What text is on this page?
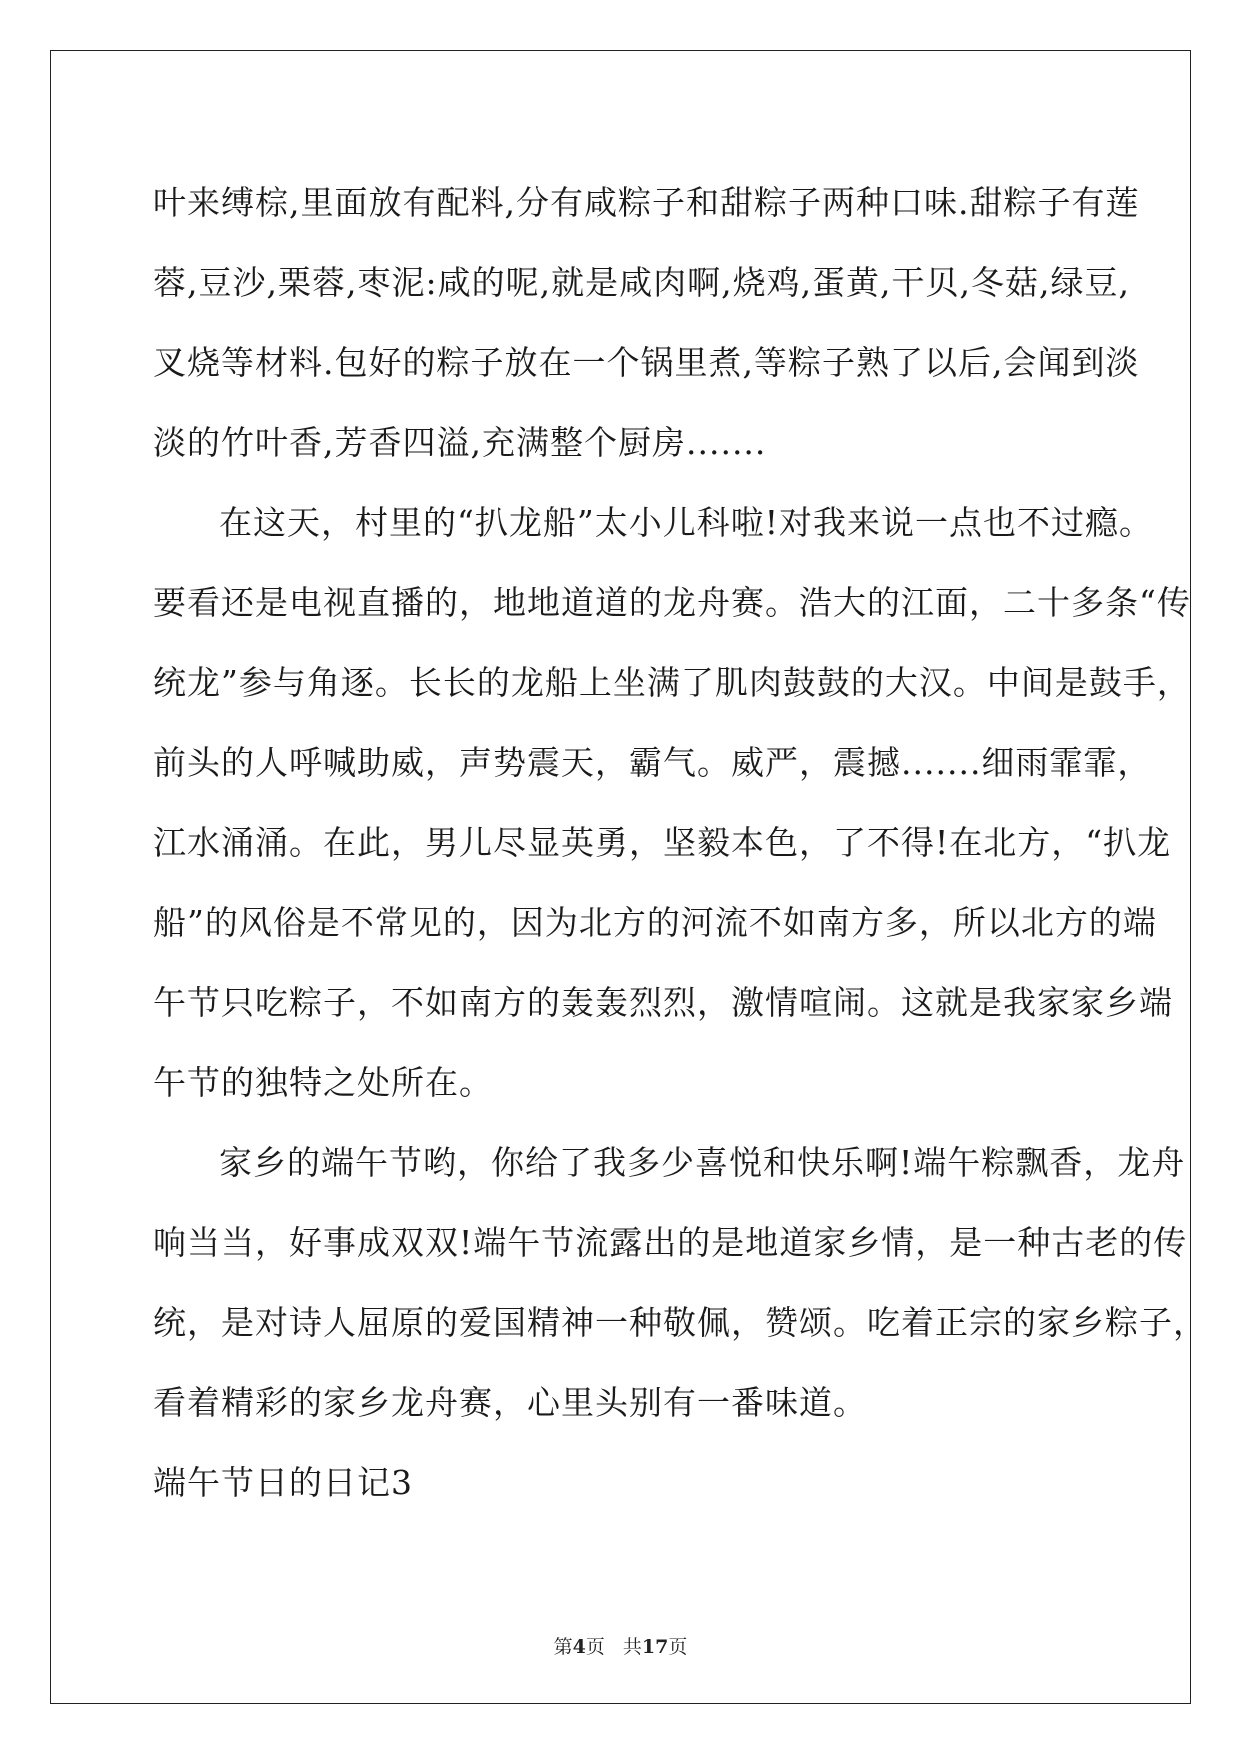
叶来缚棕,里面放有配料,分有咸粽子和甜粽子两种口味.甜粽子有莲
蓉,豆沙,栗蓉,枣泥:咸的呢,就是咸肉啊,烧鸡,蛋黄,干贝,冬菇,绿豆,
叉烧等材料.包好的粽子放在一个锅里煮,等粽子熟了以后,会闻到淡
淡的竹叶香,芳香四溢,充满整个厨房.......
在这天，村里的“扒龙船”太小儿科啦!对我来说一点也不过瘾。
要看还是电视直播的，地地道道的龙舟赛。浩大的江面，二十多条“传
统龙”参与角逐。长长的龙船上坐满了肌肉鼓鼓的大汉。中间是鼓手，
前头的人呼喊助威，声势震天，霸气。威严，震撼.......细雨霏霏，
江水涌涌。在此，男儿尽显英勇，坚毅本色，了不得!在北方，“扒龙
船”的风俗是不常见的，因为北方的河流不如南方多，所以北方的端
午节只吃粽子，不如南方的轰轰烈烈，激情喧闹。这就是我家家乡端
午节的独特之处所在。
家乡的端午节哟，你给了我多少喜悦和快乐啊!端午粽飘香，龙舟
响当当，好事成双双!端午节流露出的是地道家乡情，是一种古老的传
统，是对诗人屈原的爱国精神一种敬佩，赞颂。吃着正宗的家乡粽子，
看着精彩的家乡龙舟赛，心里头别有一番味道。
端午节日的日记3
第4页 共17页
